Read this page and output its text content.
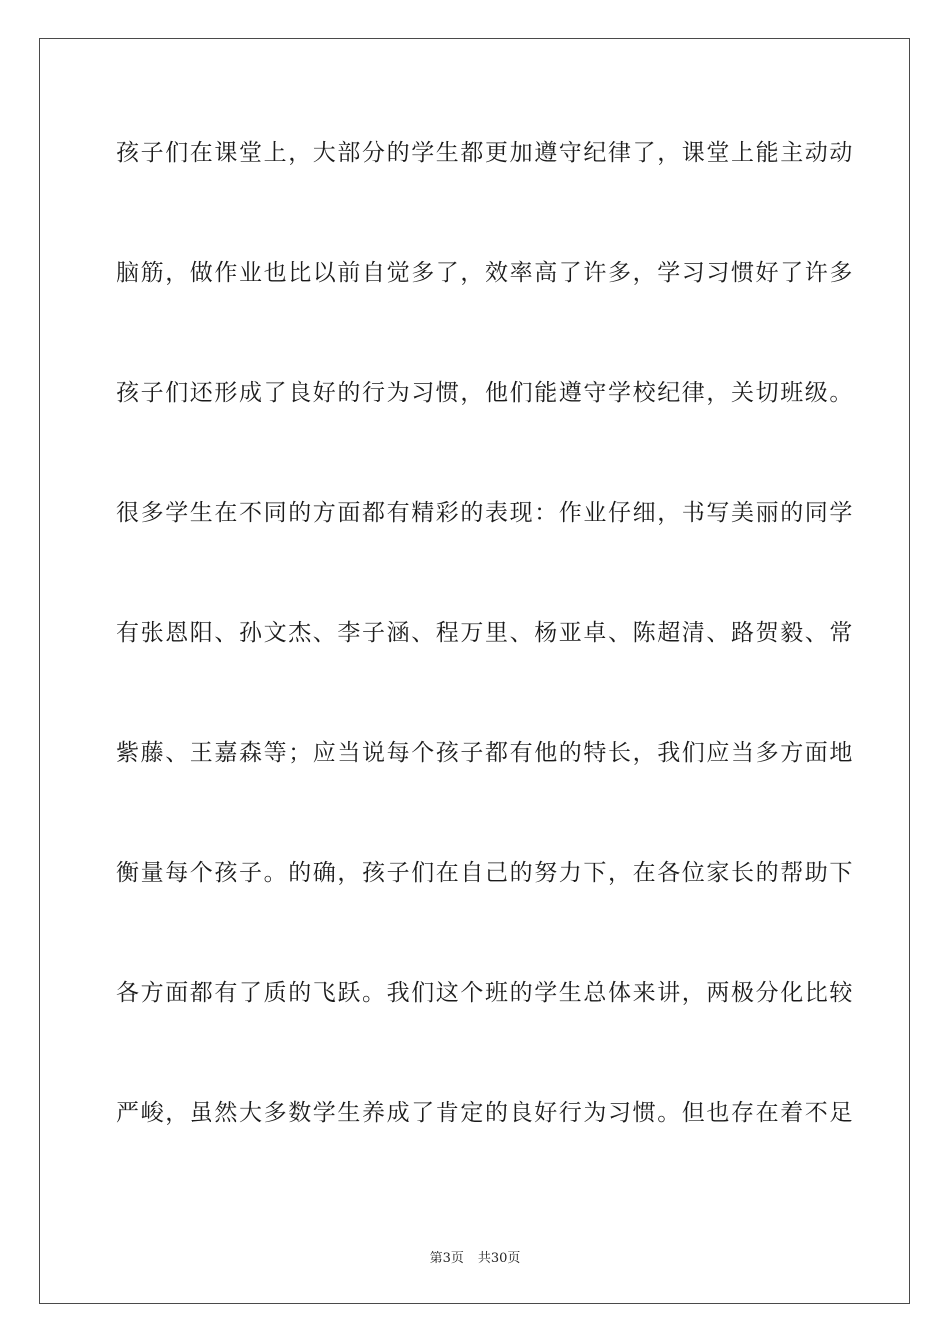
孩子们在课堂上，大部分的学生都更加遵守纪律了，课堂上能主动动
脑筋，做作业也比以前自觉多了，效率高了许多，学习习惯好了许多
孩子们还形成了良好的行为习惯，他们能遵守学校纪律，关切班级。
很多学生在不同的方面都有精彩的表现：作业仔细，书写美丽的同学
有张恩阳、孙文杰、李子涵、程万里、杨亚卓、陈超清、路贺毅、常
紫藤、王嘉森等；应当说每个孩子都有他的特长，我们应当多方面地
衡量每个孩子。的确，孩子们在自己的努力下，在各位家长的帮助下
各方面都有了质的飞跃。我们这个班的学生总体来讲，两极分化比较
严峻，虽然大多数学生养成了肯定的良好行为习惯。但也存在着不足
第3页 共30页
